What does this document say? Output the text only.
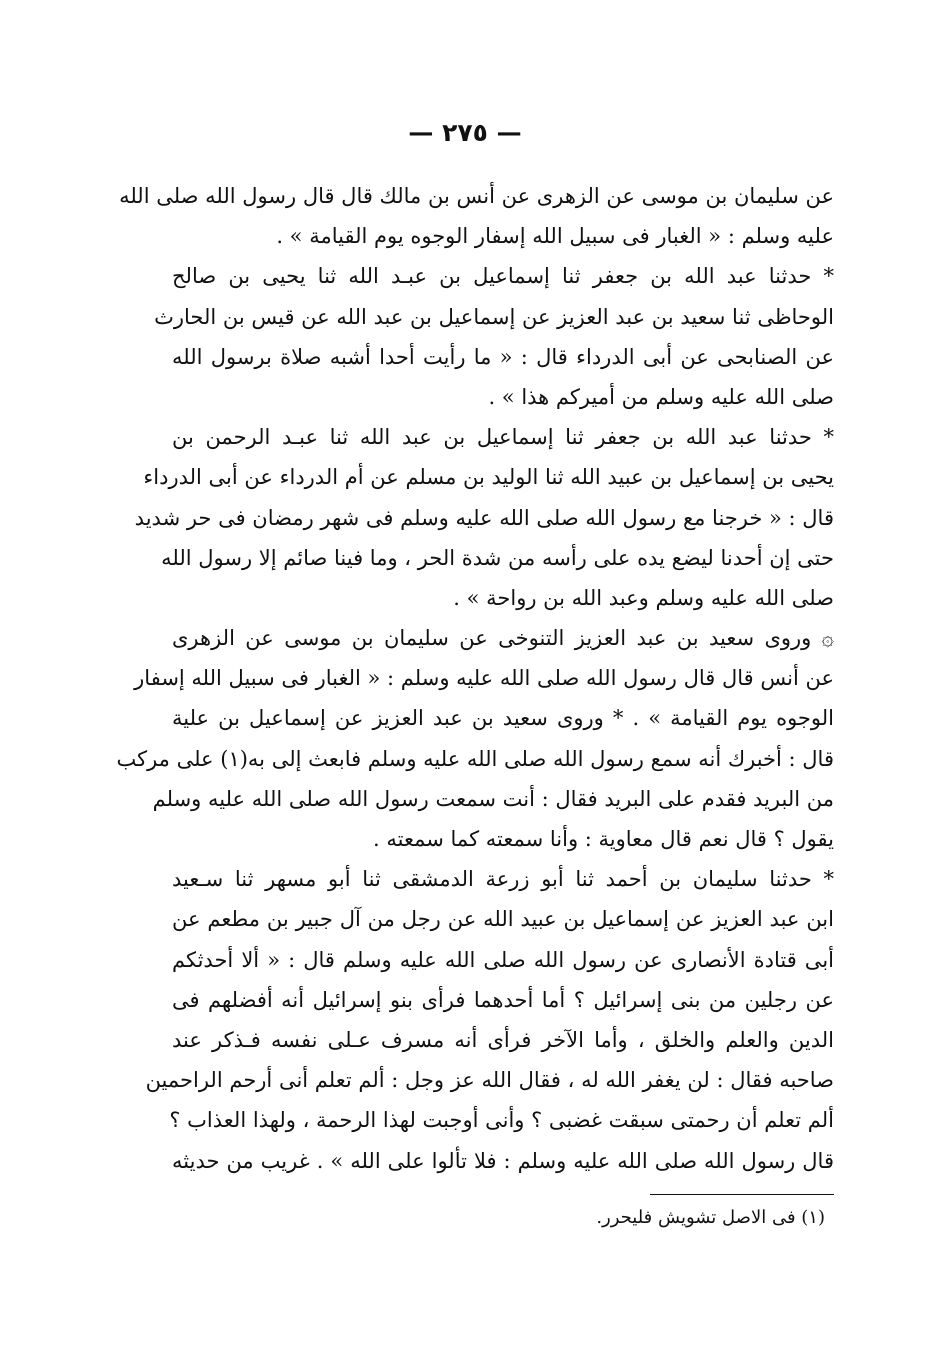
— ٢٧٥ —
عن سليمان بن موسى عن الزهرى عن أنس بن مالك قال قال رسول الله صلى الله
عليه وسلم : « الغبار فى سبيل الله إسفار الوجوه يوم القيامة » .
* حدثنا عبد الله بن جعفر ثنا إسماعيل بن عبـد الله ثنا يحيى بن صالح
الوحاظى ثنا سعيد بن عبد العزيز عن إسماعيل بن عبد الله عن قيس بن الحارث
عن الصنابحى عن أبى الدرداء قال : « ما رأيت أحدا أشبه صلاة برسول الله
صلى الله عليه وسلم من أميركم هذا » .
* حدثنا عبد الله بن جعفر ثنا إسماعيل بن عبد الله ثنا عبـد الرحمن بن
يحيى بن إسماعيل بن عبيد الله ثنا الوليد بن مسلم عن أم الدرداء عن أبى الدرداء
قال : « خرجنا مع رسول الله صلى الله عليه وسلم فى شهر رمضان فى حر شديد
حتى إن أحدنا ليضع يده على رأسه من شدة الحر ، وما فينا صائم إلا رسول الله
صلى الله عليه وسلم وعبد الله بن رواحة » .
۞ وروى سعيد بن عبد العزيز التنوخى عن سليمان بن موسى عن الزهرى
عن أنس قال قال رسول الله صلى الله عليه وسلم : « الغبار فى سبيل الله إسفار
الوجوه يوم القيامة » . * وروى سعيد بن عبد العزيز عن إسماعيل بن علية
قال : أخبرك أنه سمع رسول الله صلى الله عليه وسلم فابعث إلى به(١) على مركب
من البريد فقدم على البريد فقال : أنت سمعت رسول الله صلى الله عليه وسلم
يقول ؟ قال نعم قال معاوية : وأنا سمعته كما سمعته .
* حدثنا سليمان بن أحمد ثنا أبو زرعة الدمشقى ثنا أبو مسهر ثنا سـعيد
ابن عبد العزيز عن إسماعيل بن عبيد الله عن رجل من آل جبير بن مطعم عن
أبى قتادة الأنصارى عن رسول الله صلى الله عليه وسلم قال : « ألا أحدثكم
عن رجلين من بنى إسرائيل ؟ أما أحدهما فرأى بنو إسرائيل أنه أفضلهم فى
الدين والعلم والخلق ، وأما الآخر فرأى أنه مسرف عـلى نفسه فـذكر عند
صاحبه فقال : لن يغفر الله له ، فقال الله عز وجل : ألم تعلم أنى أرحم الراحمين
ألم تعلم أن رحمتى سبقت غضبى ؟ وأنى أوجبت لهذا الرحمة ، ولهذا العذاب ؟
قال رسول الله صلى الله عليه وسلم : فلا تألوا على الله » . غريب من حديثه
(١) فى الاصل تشويش فليحرر.
